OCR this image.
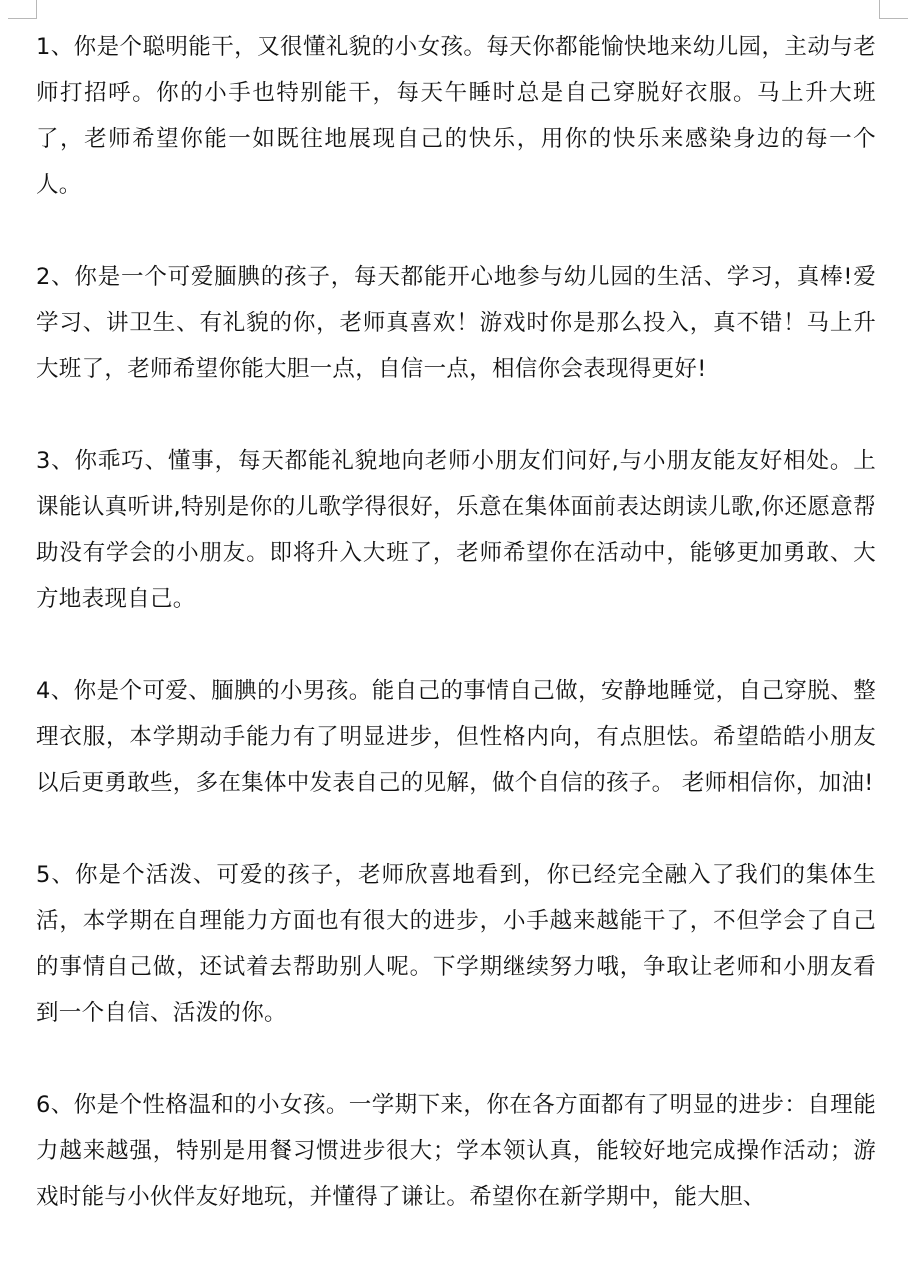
1、你是个聪明能干，又很懂礼貌的小女孩。每天你都能愉快地来幼儿园，主动与老师打招呼。你的小手也特别能干，每天午睡时总是自己穿脱好衣服。马上升大班了，老师希望你能一如既往地展现自己的快乐，用你的快乐来感染身边的每一个人。

2、你是一个可爱腼腆的孩子，每天都能开心地参与幼儿园的生活、学习，真棒!爱学习、讲卫生、有礼貌的你，老师真喜欢！游戏时你是那么投入，真不错！马上升大班了，老师希望你能大胆一点，自信一点，相信你会表现得更好!

3、你乖巧、懂事，每天都能礼貌地向老师小朋友们问好,与小朋友能友好相处。上课能认真听讲,特别是你的儿歌学得很好，乐意在集体面前表达朗读儿歌,你还愿意帮助没有学会的小朋友。即将升入大班了，老师希望你在活动中，能够更加勇敢、大方地表现自己。

4、你是个可爱、腼腆的小男孩。能自己的事情自己做，安静地睡觉，自己穿脱、整理衣服，本学期动手能力有了明显进步，但性格内向，有点胆怯。希望皓皓小朋友以后更勇敢些，多在集体中发表自己的见解，做个自信的孩子。 老师相信你，加油!

5、你是个活泼、可爱的孩子，老师欣喜地看到，你已经完全融入了我们的集体生活，本学期在自理能力方面也有很大的进步，小手越来越能干了，不但学会了自己的事情自己做，还试着去帮助别人呢。下学期继续努力哦，争取让老师和小朋友看到一个自信、活泼的你。

6、你是个性格温和的小女孩。一学期下来，你在各方面都有了明显的进步：自理能力越来越强，特别是用餐习惯进步很大；学本领认真，能较好地完成操作活动；游戏时能与小伙伴友好地玩，并懂得了谦让。希望你在新学期中，能大胆、
